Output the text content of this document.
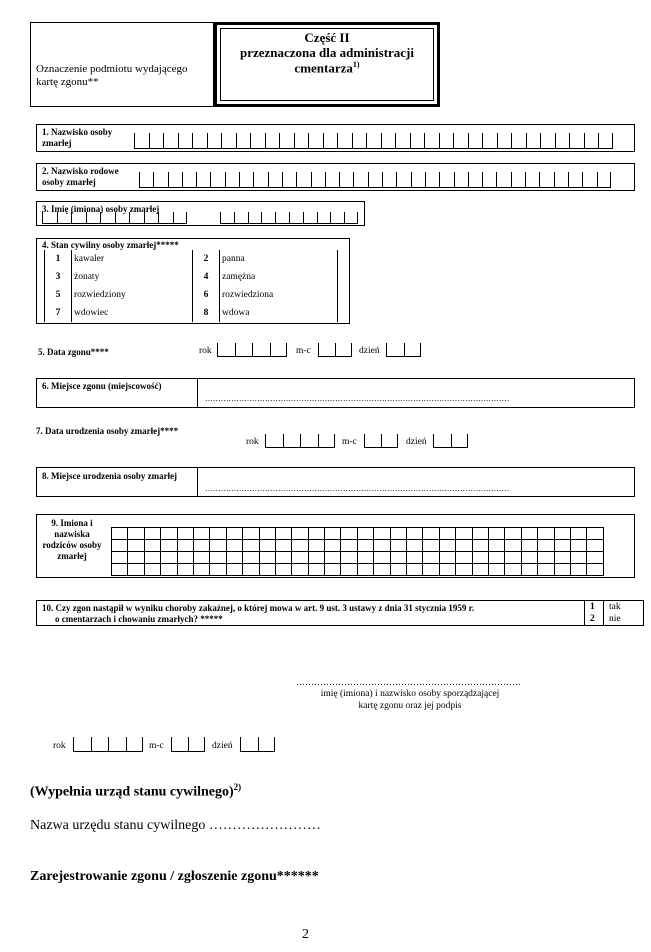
Oznaczenie podmiotu wydającego kartę zgonu**
Część II
przeznaczona dla administracji
cmentarza$^{1)}$
1. Nazwisko osoby zmarłej
2. Nazwisko rodowe osoby zmarłej
3. Imię (imiona) osoby zmarłej
4. Stan cywilny osoby zmarłej*****
1	kawaler	2	panna
3	żonaty	4	zamężna
5	rozwiedziony	6	rozwiedziona
7	wdowiec	8	wdowa
5. Data zgonu****	rok	m-c	dzień
6. Miejsce zgonu (miejscowość)
………………………………………………………………………………………………………
7. Data urodzenia osoby zmarłej****
rok	m-c	dzień
8. Miejsce urodzenia osoby zmarłej
………………………………………………………………………………………………………
9. Imiona i nazwiska rodziców osoby zmarłej

10. Czy zgon nastąpił w wyniku choroby zakaźnej, o której mowa w art. 9 ust. 3 ustawy z dnia 31 stycznia 1959 r.
o cmentarzach i chowaniu zmarłych? *****
1 tak
2 nie
…………………………………………………………………
imię (imiona) i nazwisko osoby sporządzającej
kartę zgonu oraz jej podpis
rok	m-c	dzień
(Wypełnia urząd stanu cywilnego)$^{2)}$
Nazwa urzędu stanu cywilnego ……………………
Zarejestrowanie zgonu / zgłoszenie zgonu******
2
